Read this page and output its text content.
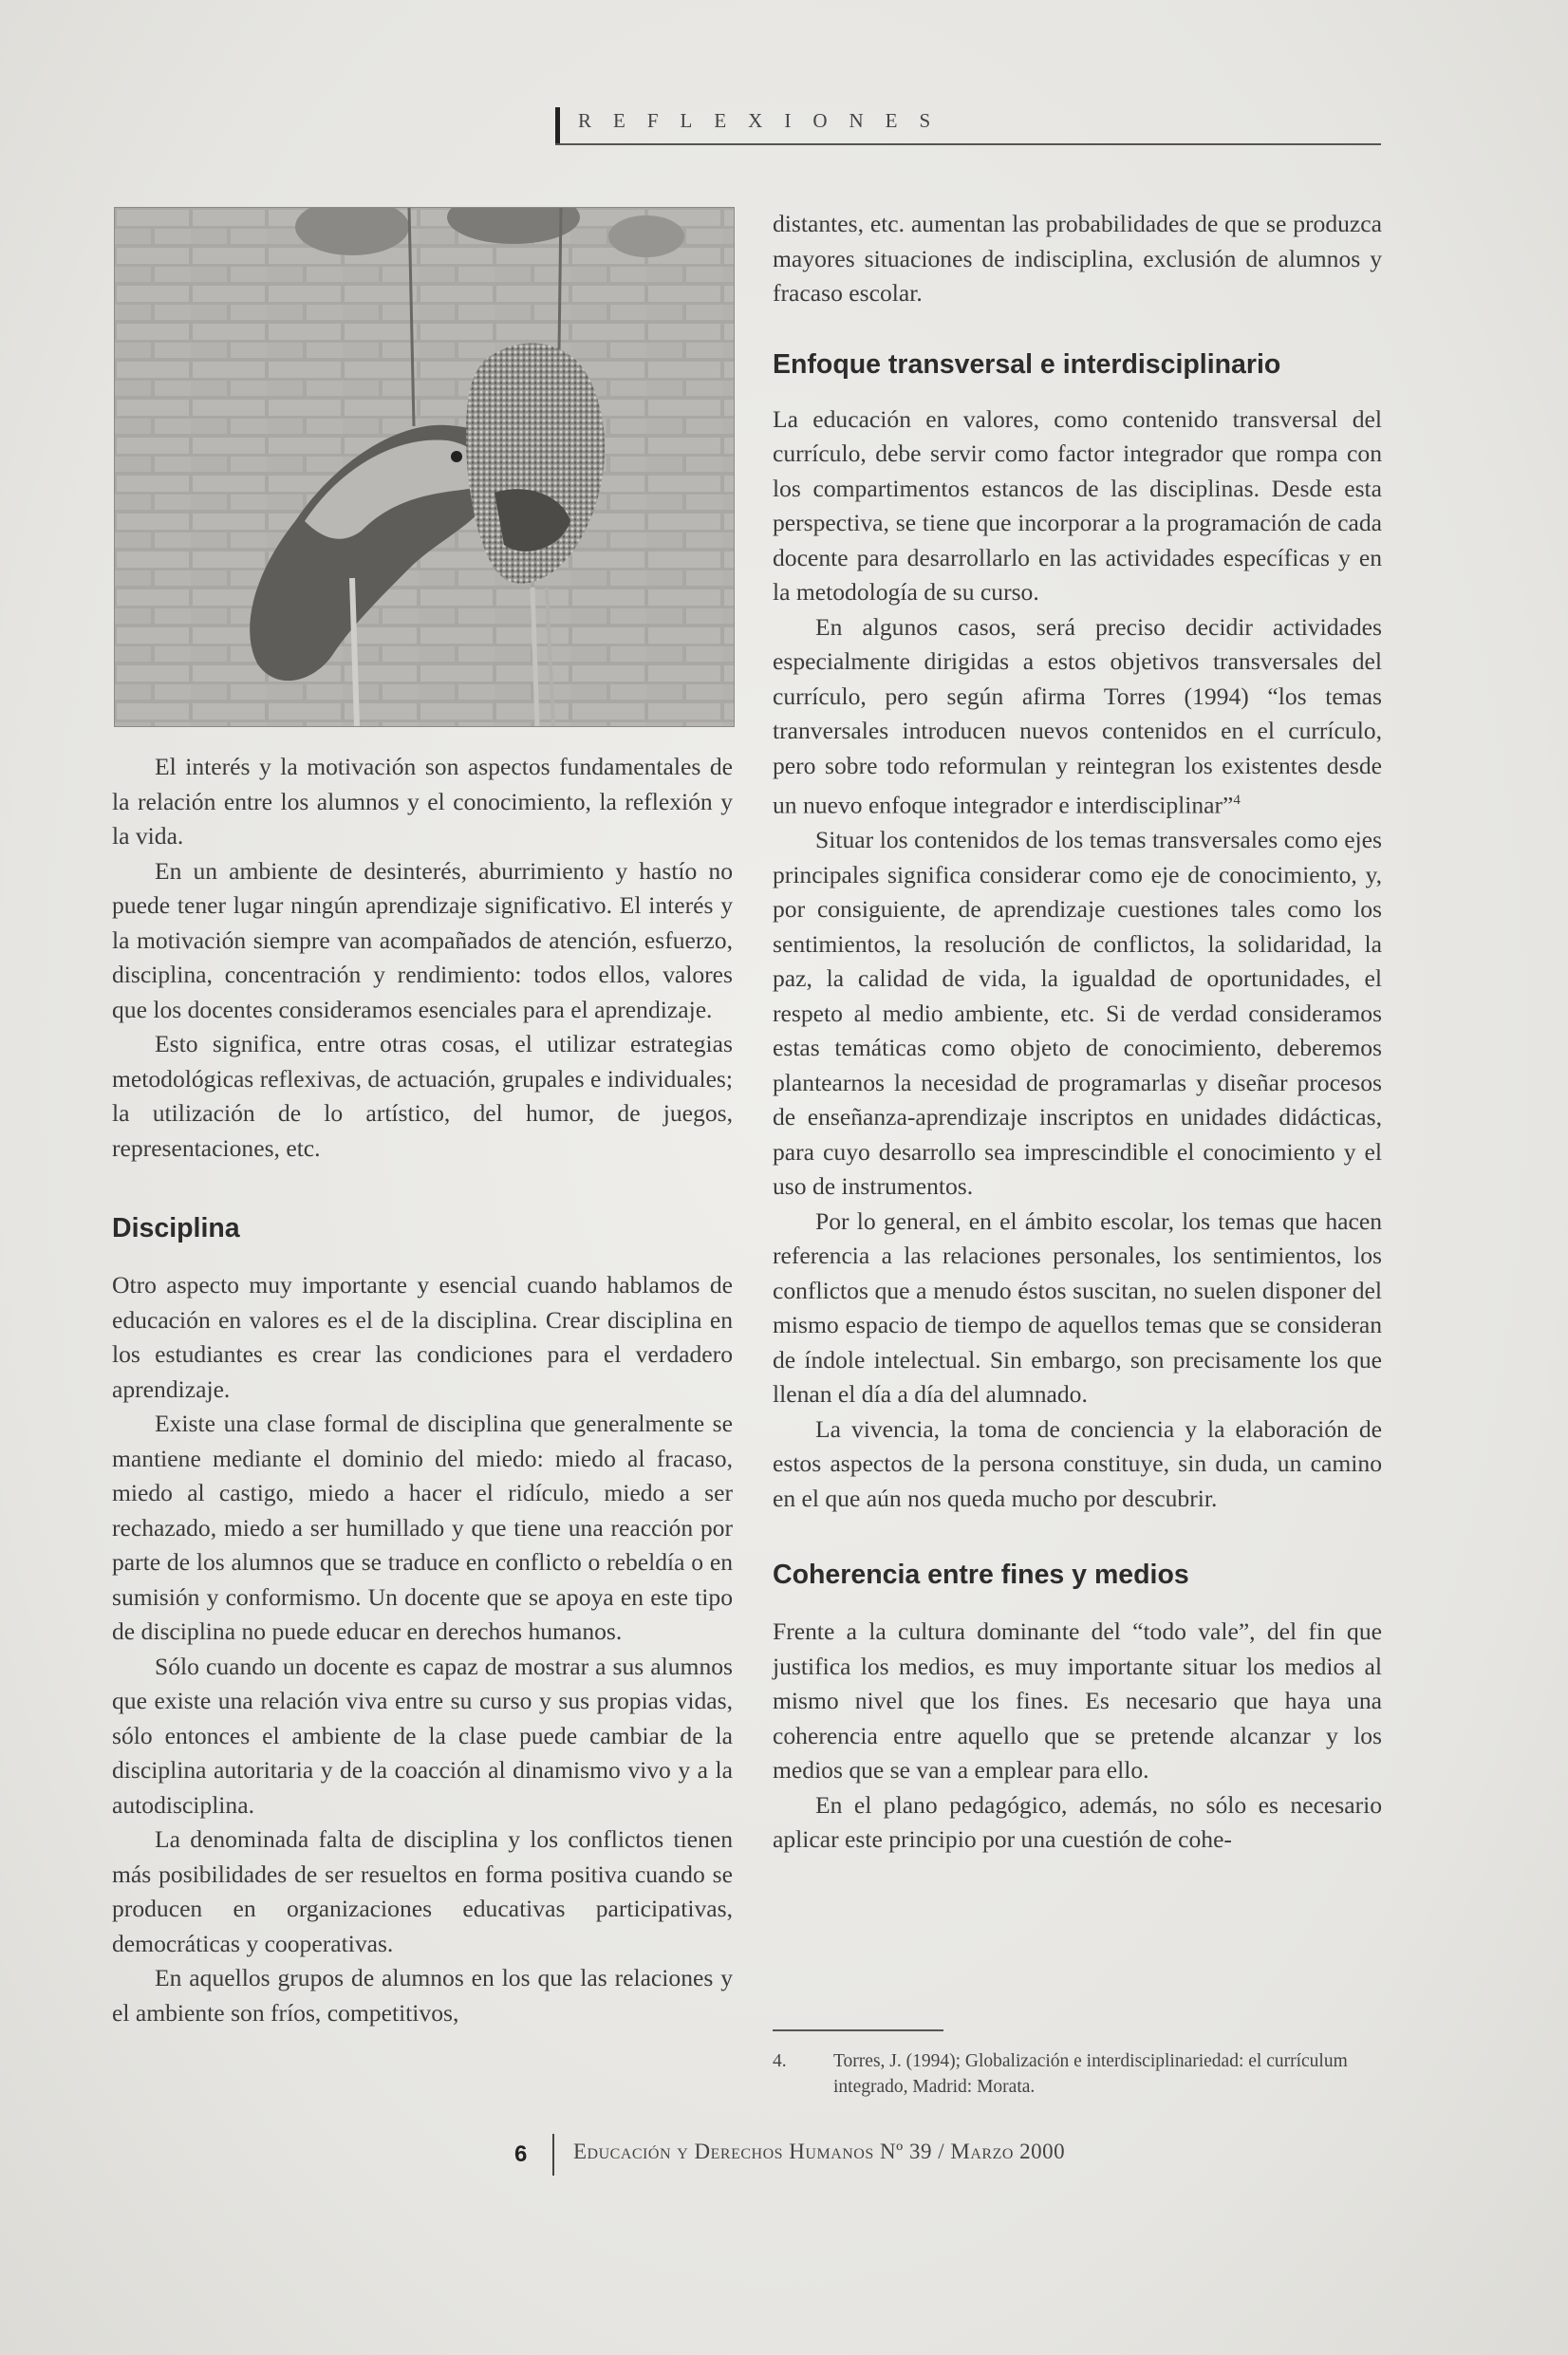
REFLEXIONES

El interés y la motivación son aspectos fundamentales de la relación entre los alumnos y el conocimiento, la reflexión y la vida.

En un ambiente de desinterés, aburrimiento y hastío no puede tener lugar ningún aprendizaje significativo. El interés y la motivación siempre van acompañados de atención, esfuerzo, disciplina, concentración y rendimiento: todos ellos, valores que los docentes consideramos esenciales para el aprendizaje.

Esto significa, entre otras cosas, el utilizar estrategias metodológicas reflexivas, de actuación, grupales e individuales; la utilización de lo artístico, del humor, de juegos, representaciones, etc.

Disciplina

Otro aspecto muy importante y esencial cuando hablamos de educación en valores es el de la disciplina. Crear disciplina en los estudiantes es crear las condiciones para el verdadero aprendizaje.

Existe una clase formal de disciplina que generalmente se mantiene mediante el dominio del miedo: miedo al fracaso, miedo al castigo, miedo a hacer el ridículo, miedo a ser rechazado, miedo a ser humillado y que tiene una reacción por parte de los alumnos que se traduce en conflicto o rebeldía o en sumisión y conformismo. Un docente que se apoya en este tipo de disciplina no puede educar en derechos humanos.

Sólo cuando un docente es capaz de mostrar a sus alumnos que existe una relación viva entre su curso y sus propias vidas, sólo entonces el ambiente de la clase puede cambiar de la disciplina autoritaria y de la coacción al dinamismo vivo y a la autodisciplina.

La denominada falta de disciplina y los conflictos tienen más posibilidades de ser resueltos en forma positiva cuando se producen en organizaciones educativas participativas, democráticas y cooperativas.

En aquellos grupos de alumnos en los que las relaciones y el ambiente son fríos, competitivos,

distantes, etc. aumentan las probabilidades de que se produzca mayores situaciones de indisciplina, exclusión de alumnos y fracaso escolar.

Enfoque transversal e interdisciplinario

La educación en valores, como contenido transversal del currículo, debe servir como factor integrador que rompa con los compartimentos estancos de las disciplinas. Desde esta perspectiva, se tiene que incorporar a la programación de cada docente para desarrollarlo en las actividades específicas y en la metodología de su curso.

En algunos casos, será preciso decidir actividades especialmente dirigidas a estos objetivos transversales del currículo, pero según afirma Torres (1994) “los temas tranversales introducen nuevos contenidos en el currículo, pero sobre todo reformulan y reintegran los existentes desde un nuevo enfoque integrador e interdisciplinar”$^4$

Situar los contenidos de los temas transversales como ejes principales significa considerar como eje de conocimiento, y, por consiguiente, de aprendizaje cuestiones tales como los sentimientos, la resolución de conflictos, la solidaridad, la paz, la calidad de vida, la igualdad de oportunidades, el respeto al medio ambiente, etc. Si de verdad consideramos estas temáticas como objeto de conocimiento, deberemos plantearnos la necesidad de programarlas y diseñar procesos de enseñanza-aprendizaje inscriptos en unidades didácticas, para cuyo desarrollo sea imprescindible el conocimiento y el uso de instrumentos.

Por lo general, en el ámbito escolar, los temas que hacen referencia a las relaciones personales, los sentimientos, los conflictos que a menudo éstos suscitan, no suelen disponer del mismo espacio de tiempo de aquellos temas que se consideran de índole intelectual. Sin embargo, son precisamente los que llenan el día a día del alumnado.

La vivencia, la toma de conciencia y la elaboración de estos aspectos de la persona constituye, sin duda, un camino en el que aún nos queda mucho por descubrir.

Coherencia entre fines y medios

Frente a la cultura dominante del “todo vale”, del fin que justifica los medios, es muy importante situar los medios al mismo nivel que los fines. Es necesario que haya una coherencia entre aquello que se pretende alcanzar y los medios que se van a emplear para ello.

En el plano pedagógico, además, no sólo es necesario aplicar este principio por una cuestión de cohe-

4.	Torres, J. (1994); Globalización e interdisciplinariedad: el currículum integrado, Madrid: Morata.
6 Educación y Derechos Humanos Nº 39 / Marzo 2000
